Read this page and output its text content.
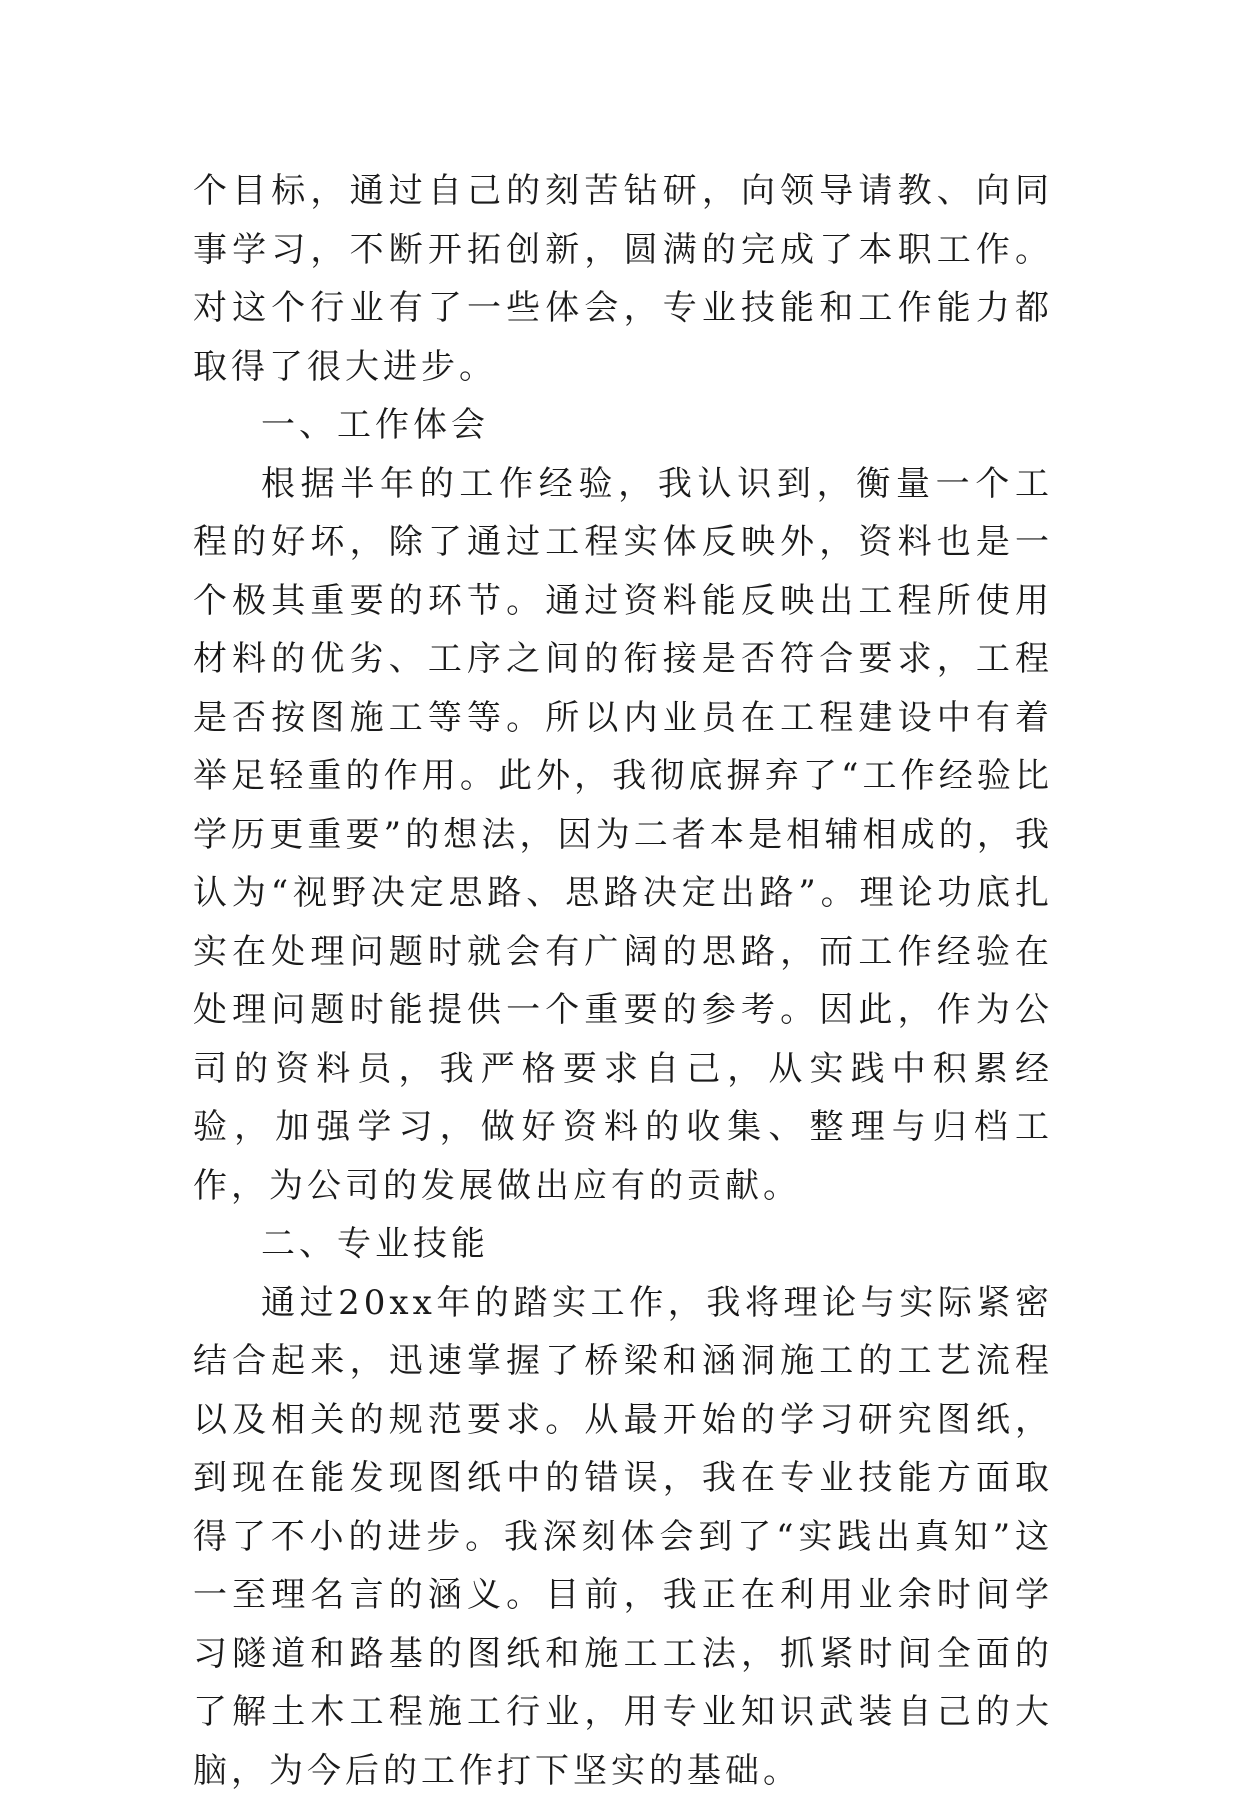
个目标，通过自己的刻苦钻研，向领导请教、向同事学习，不断开拓创新，圆满的完成了本职工作。对这个行业有了一些体会，专业技能和工作能力都取得了很大进步。

一、工作体会

根据半年的工作经验，我认识到，衡量一个工程的好坏，除了通过工程实体反映外，资料也是一个极其重要的环节。通过资料能反映出工程所使用材料的优劣、工序之间的衔接是否符合要求，工程是否按图施工等等。所以内业员在工程建设中有着举足轻重的作用。此外，我彻底摒弃了“工作经验比学历更重要”的想法，因为二者本是相辅相成的，我认为“视野决定思路、思路决定出路”。理论功底扎实在处理问题时就会有广阔的思路，而工作经验在处理问题时能提供一个重要的参考。因此，作为公司的资料员，我严格要求自己，从实践中积累经验，加强学习，做好资料的收集、整理与归档工作，为公司的发展做出应有的贡献。

二、专业技能

通过20xx年的踏实工作，我将理论与实际紧密结合起来，迅速掌握了桥梁和涵洞施工的工艺流程以及相关的规范要求。从最开始的学习研究图纸，到现在能发现图纸中的错误，我在专业技能方面取得了不小的进步。我深刻体会到了“实践出真知”这一至理名言的涵义。目前，我正在利用业余时间学习隧道和路基的图纸和施工工法，抓紧时间全面的了解土木工程施工行业，用专业知识武装自己的大脑，为今后的工作打下坚实的基础。
